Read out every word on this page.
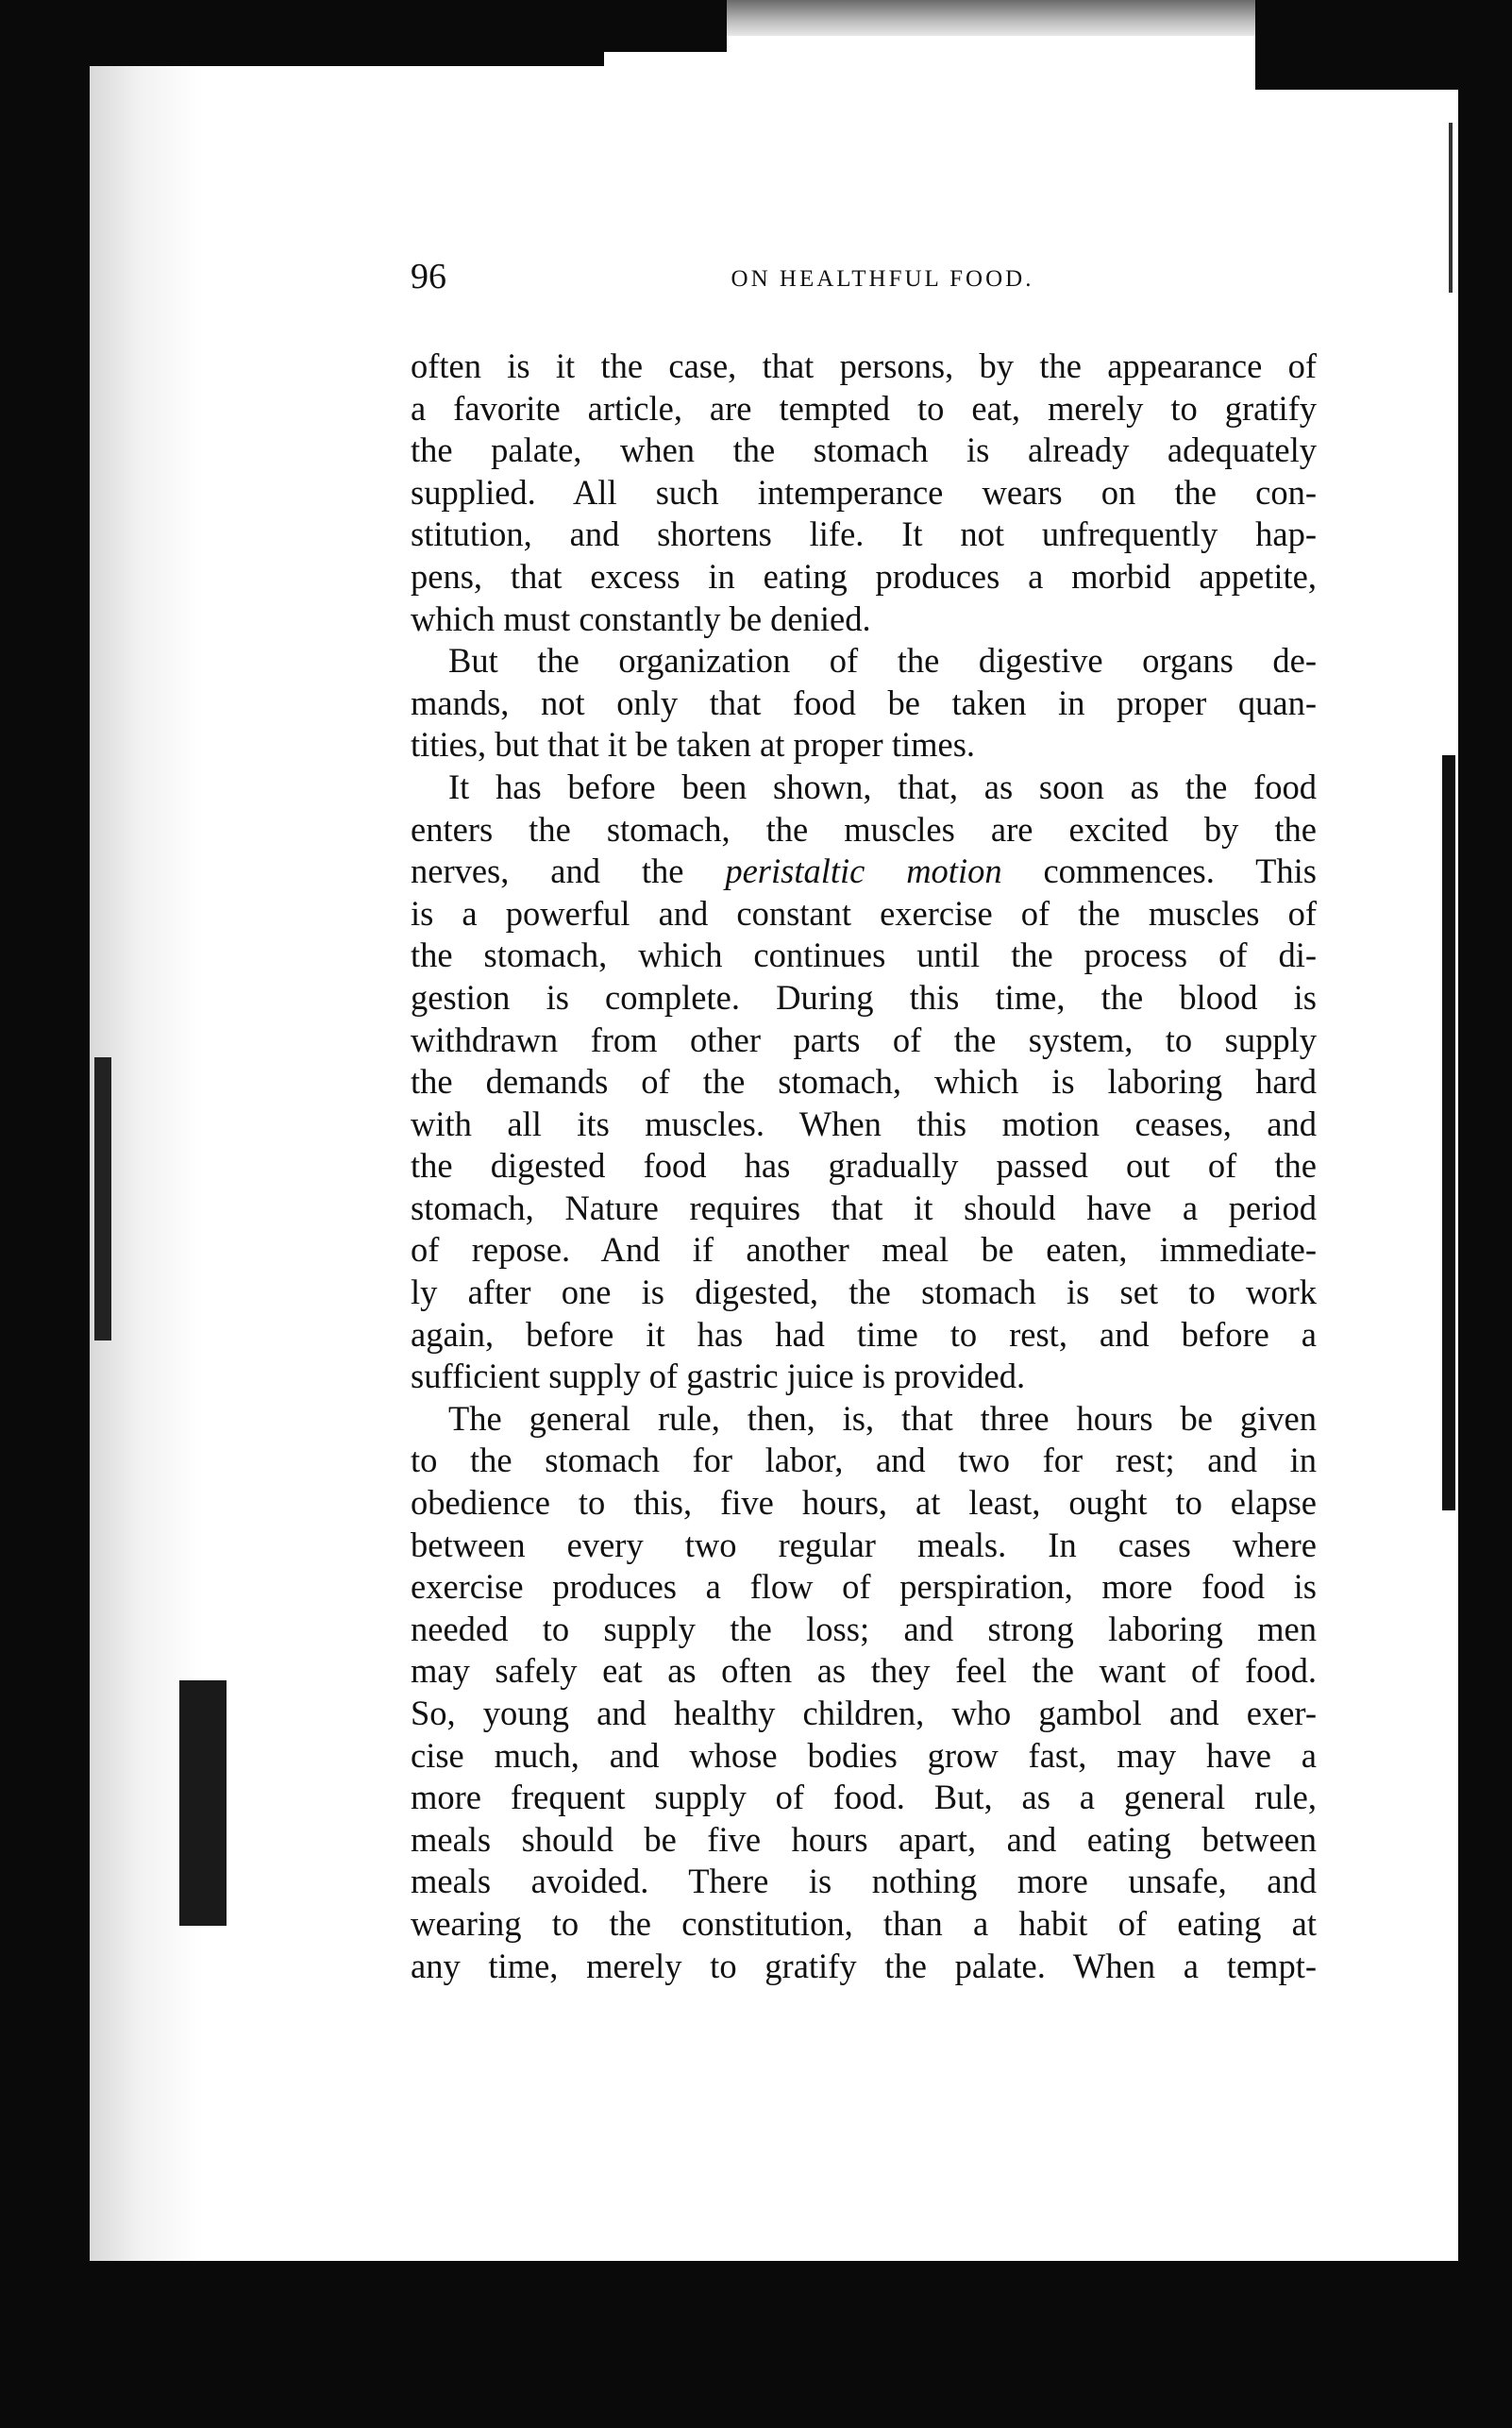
96	ON HEALTHFUL FOOD.

often is it the case, that persons, by the appearance of
a favorite article, are tempted to eat, merely to gratify
the palate, when the stomach is already adequately
supplied. All such intemperance wears on the con-
stitution, and shortens life. It not unfrequently hap-
pens, that excess in eating produces a morbid appetite,
which must constantly be denied.

But the organization of the digestive organs de-
mands, not only that food be taken in proper quan-
tities, but that it be taken at proper times.

It has before been shown, that, as soon as the food
enters the stomach, the muscles are excited by the
nerves, and the peristaltic motion commences. This
is a powerful and constant exercise of the muscles of
the stomach, which continues until the process of di-
gestion is complete. During this time, the blood is
withdrawn from other parts of the system, to supply
the demands of the stomach, which is laboring hard
with all its muscles. When this motion ceases, and
the digested food has gradually passed out of the
stomach, Nature requires that it should have a period
of repose. And if another meal be eaten, immediate-
ly after one is digested, the stomach is set to work
again, before it has had time to rest, and before a
sufficient supply of gastric juice is provided.

The general rule, then, is, that three hours be given
to the stomach for labor, and two for rest; and in
obedience to this, five hours, at least, ought to elapse
between every two regular meals. In cases where
exercise produces a flow of perspiration, more food is
needed to supply the loss; and strong laboring men
may safely eat as often as they feel the want of food.
So, young and healthy children, who gambol and exer-
cise much, and whose bodies grow fast, may have a
more frequent supply of food. But, as a general rule,
meals should be five hours apart, and eating between
meals avoided. There is nothing more unsafe, and
wearing to the constitution, than a habit of eating at
any time, merely to gratify the palate. When a tempt-
